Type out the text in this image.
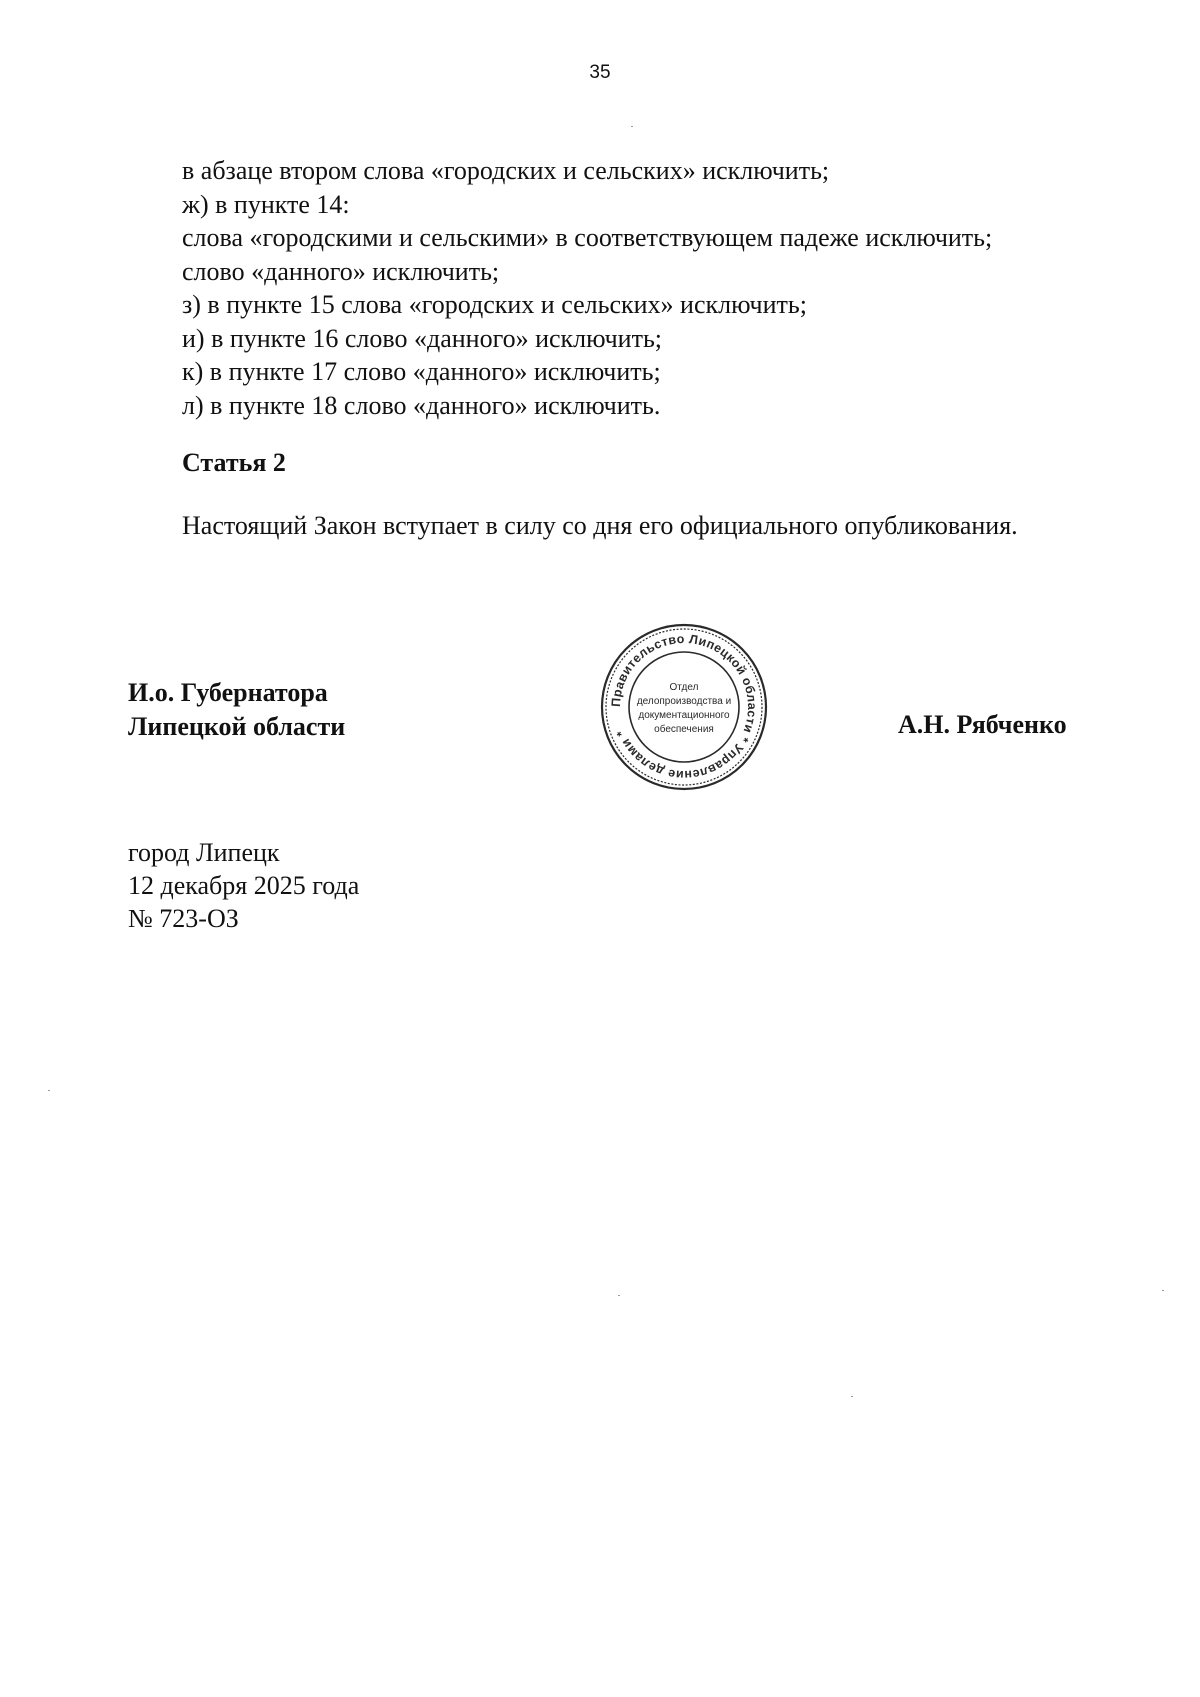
35
в абзаце втором слова «городских и сельских» исключить;
ж) в пункте 14:
слова «городскими и сельскими» в соответствующем падеже исключить;
слово «данного» исключить;
з) в пункте 15 слова «городских и сельских» исключить;
и) в пункте 16 слово «данного» исключить;
к) в пункте 17 слово «данного» исключить;
л) в пункте 18 слово «данного» исключить.
Статья 2
Настоящий Закон вступает в силу со дня его официального опубликования.
И.о. Губернатора
Липецкой области
Правительство Липецкой области * Управление делами *
Отдел
делопроизводства и
документационного
обеспечения	А.Н. Рябченко
город Липецк
12 декабря 2025 года
№ 723-ОЗ
